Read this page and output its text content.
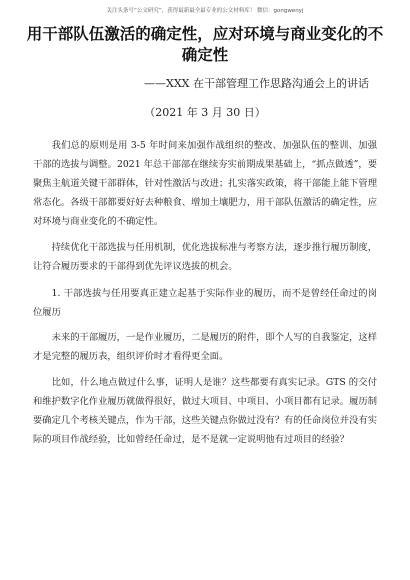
关注头条号“公文研究”，获得最新最全最专业的公文材料库！ 微信：gongwenyj
用干部队伍激活的确定性，应对环境与商业变化的不确定性
——XXX 在干部管理工作思路沟通会上的讲话
（2021 年 3 月 30 日）

我们总的原则是用 3-5 年时间来加强作战组织的整改、加强队伍的整训、加强干部的选拔与调整。2021 年总干部部在继续夯实前期成果基础上，“抓点做透”，要聚焦主航道关键干部群体，针对性激活与改进；扎实落实政策，将干部能上能下管理常态化。各级干部都要好好去种粮食、增加土壤肥力，用干部队伍激活的确定性，应对环境与商业变化的不确定性。

持续优化干部选拔与任用机制，优化选拔标准与考察方法，逐步推行履历制度，让符合履历要求的干部得到优先评议选拔的机会。

1. 干部选拔与任用要真正建立起基于实际作业的履历，而不是曾经任命过的岗位履历

未来的干部履历，一是作业履历，二是履历的附件，即个人写的自我鉴定，这样才是完整的履历表，组织评价时才看得更全面。

比如，什么地点做过什么事，证明人是谁？这些都要有真实记录。GTS 的交付和维护数字化作业履历就做得很好，做过大项目、中项目、小项目都有记录。履历制要确定几个考核关键点，作为干部，这些关键点你做过没有？有的任命岗位并没有实际的项目作战经验，比如曾经任命过，是不是就一定说明他有过项目的经验？
